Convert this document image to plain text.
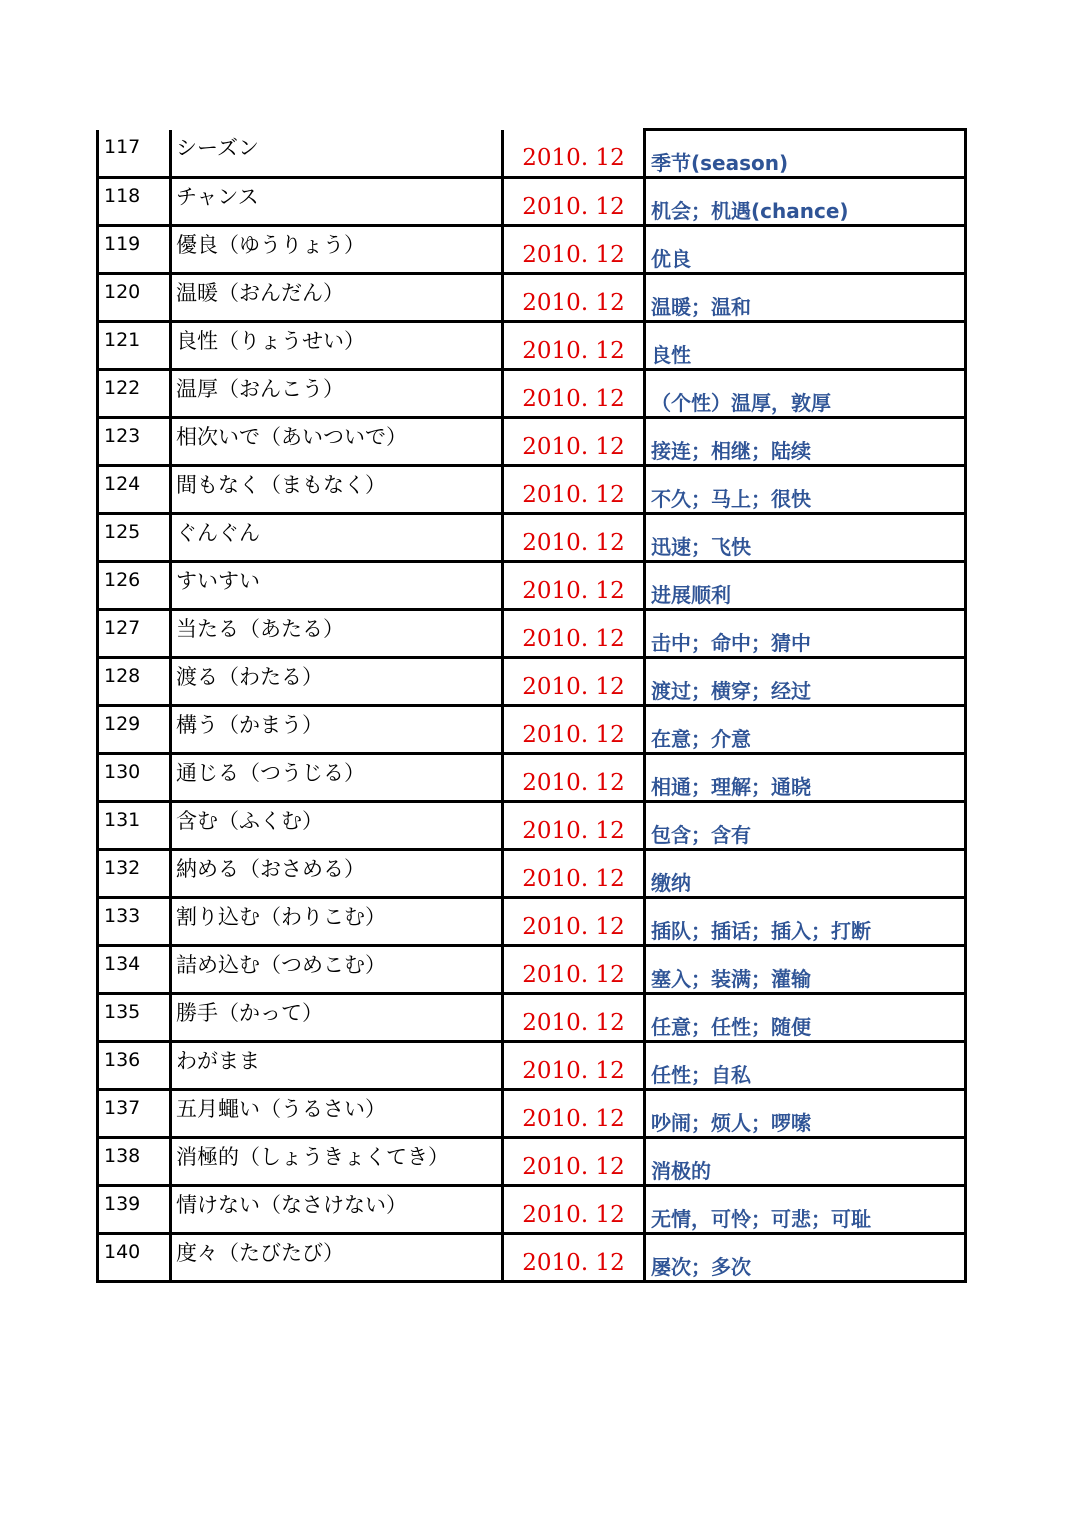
117	シーズン	2010. 12	季节(season)

118	チャンス	2010. 12	机会；机遇(chance)

119	優良（ゆうりょう）	2010. 12	优良

120	温暖（おんだん）	2010. 12	温暖；温和

121	良性（りょうせい）	2010. 12	良性

122	温厚（おんこう）	2010. 12	（个性）温厚，敦厚

123	相次いで（あいついで）	2010. 12	接连；相继；陆续

124	間もなく（まもなく）	2010. 12	不久；马上；很快

125	ぐんぐん	2010. 12	迅速；飞快

126	すいすい	2010. 12	进展顺利

127	当たる（あたる）	2010. 12	击中；命中；猜中

128	渡る（わたる）	2010. 12	渡过；横穿；经过

129	構う（かまう）	2010. 12	在意；介意

130	通じる（つうじる）	2010. 12	相通；理解；通晓

131	含む（ふくむ）	2010. 12	包含；含有

132	納める（おさめる）	2010. 12	缴纳

133	割り込む（わりこむ）	2010. 12	插队；插话；插入；打断

134	詰め込む（つめこむ）	2010. 12	塞入；装满；灌输

135	勝手（かって）	2010. 12	任意；任性；随便

136	わがまま	2010. 12	任性；自私

137	五月蠅い（うるさい）	2010. 12	吵闹；烦人；啰嗦

138	消極的（しょうきょくてき）	2010. 12	消极的

139	情けない（なさけない）	2010. 12	无情，可怜；可悲；可耻

140	度々（たびたび）	2010. 12	屡次；多次
